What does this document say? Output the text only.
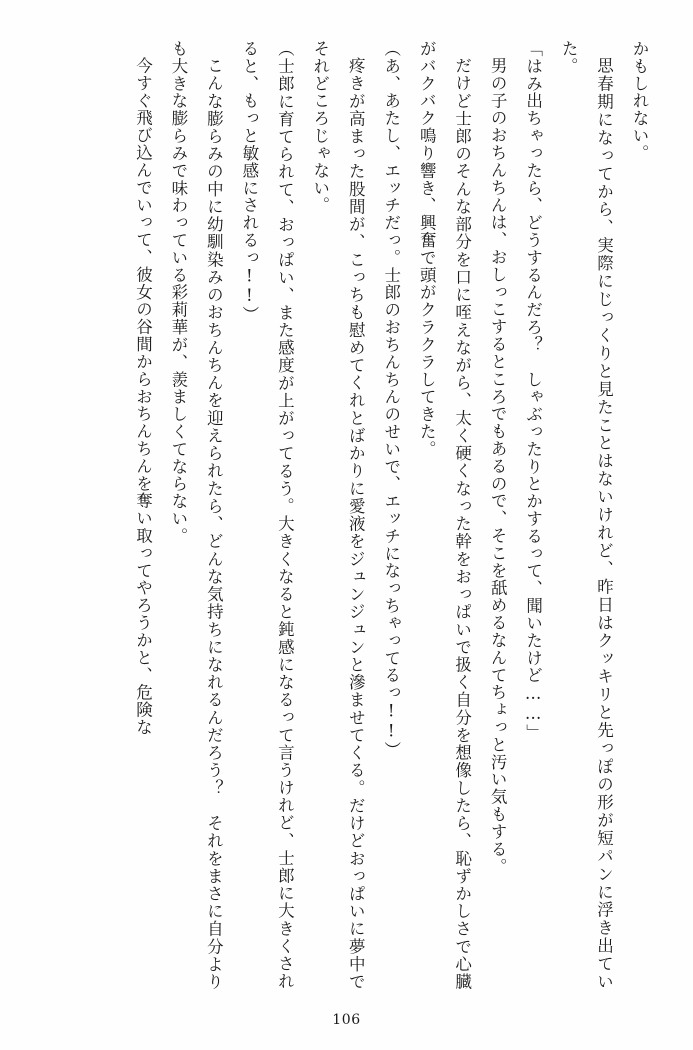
かもしれない。

思春期になってから、実際にじっくりと見たことはないけれど、昨日はクッキリと先っぽの形が短パンに浮き出ていた。

「はみ出ちゃったら、どうするんだろ？　しゃぶったりとかするって、聞いたけど……」

男の子のおちんちんは、おしっこするところでもあるので、そこを舐めるなんてちょっと汚い気もする。

だけど士郎のそんな部分を口に咥えながら、太く硬くなった幹をおっぱいで扱く自分を想像したら、恥ずかしさで心臓がバクバク鳴り響き、興奮で頭がクラクラしてきた。

（あ、あたし、エッチだっ。士郎のおちんちんのせいで、エッチになっちゃってるっ!!）

疼きが高まった股間が、こっちも慰めてくれとばかりに愛液をジュンジュンと滲ませてくる。だけどおっぱいに夢中でそれどころじゃない。

（士郎に育てられて、おっぱい、また感度が上がってるう。大きくなると鈍感になるって言うけれど、士郎に大きくされると、もっと敏感にされるっ!!）

こんな膨らみの中に幼馴染みのおちんちんを迎えられたら、どんな気持ちになれるんだろう？　それをまさに自分よりも大きな膨らみで味わっている彩莉華が、羨ましくてならない。

今すぐ飛び込んでいって、彼女の谷間からおちんちんを奪い取ってやろうかと、危険な

106
